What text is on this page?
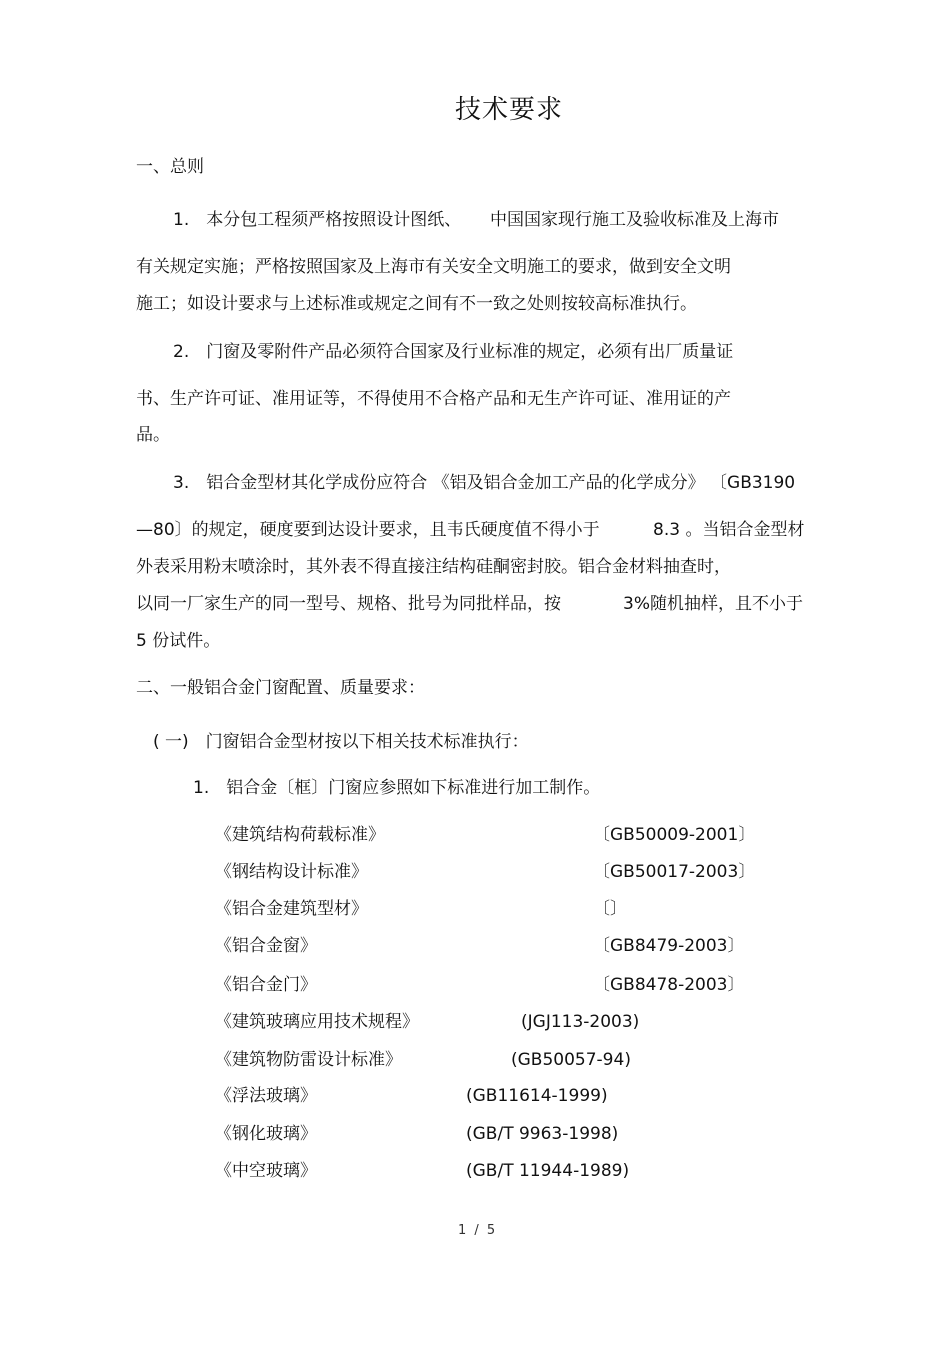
技术要求
一、总则
1.　本分包工程须严格按照设计图纸、 中国国家现行施工及验收标准及上海市
有关规定实施；严格按照国家及上海市有关安全文明施工的要求，做到安全文明
施工；如设计要求与上述标准或规定之间有不一致之处则按较高标准执行。
2.　门窗及零附件产品必须符合国家及行业标准的规定，必须有出厂质量证
书、生产许可证、准用证等，不得使用不合格产品和无生产许可证、准用证的产
品。
3.　铝合金型材其化学成份应符合 《铝及铝合金加工产品的化学成分》 〔GB3190
—80〕的规定，硬度要到达设计要求，且韦氏硬度值不得小于	8.3 。当铝合金型材
外表采用粉末喷涂时，其外表不得直接注结构硅酮密封胶。铝合金材料抽查时，
以同一厂家生产的同一型号、规格、批号为同批样品，按	3%随机抽样，且不小于
5 份试件。
二、一般铝合金门窗配置、质量要求：
( 一)　门窗铝合金型材按以下相关技术标准执行：
1.　铝合金〔框〕门窗应参照如下标准进行加工制作。
《建筑结构荷载标准》	〔GB50009-2001〕
《钢结构设计标准》	〔GB50017-2003〕
《铝合金建筑型材》	〔〕
《铝合金窗》	〔GB8479-2003〕
《铝合金门》	〔GB8478-2003〕
《建筑玻璃应用技术规程》	(JGJ113-2003)
《建筑物防雷设计标准》	(GB50057-94)
《浮法玻璃》	(GB11614-1999)
《钢化玻璃》	(GB/T 9963-1998)
《中空玻璃》	(GB/T 11944-1989)
1 / 5
